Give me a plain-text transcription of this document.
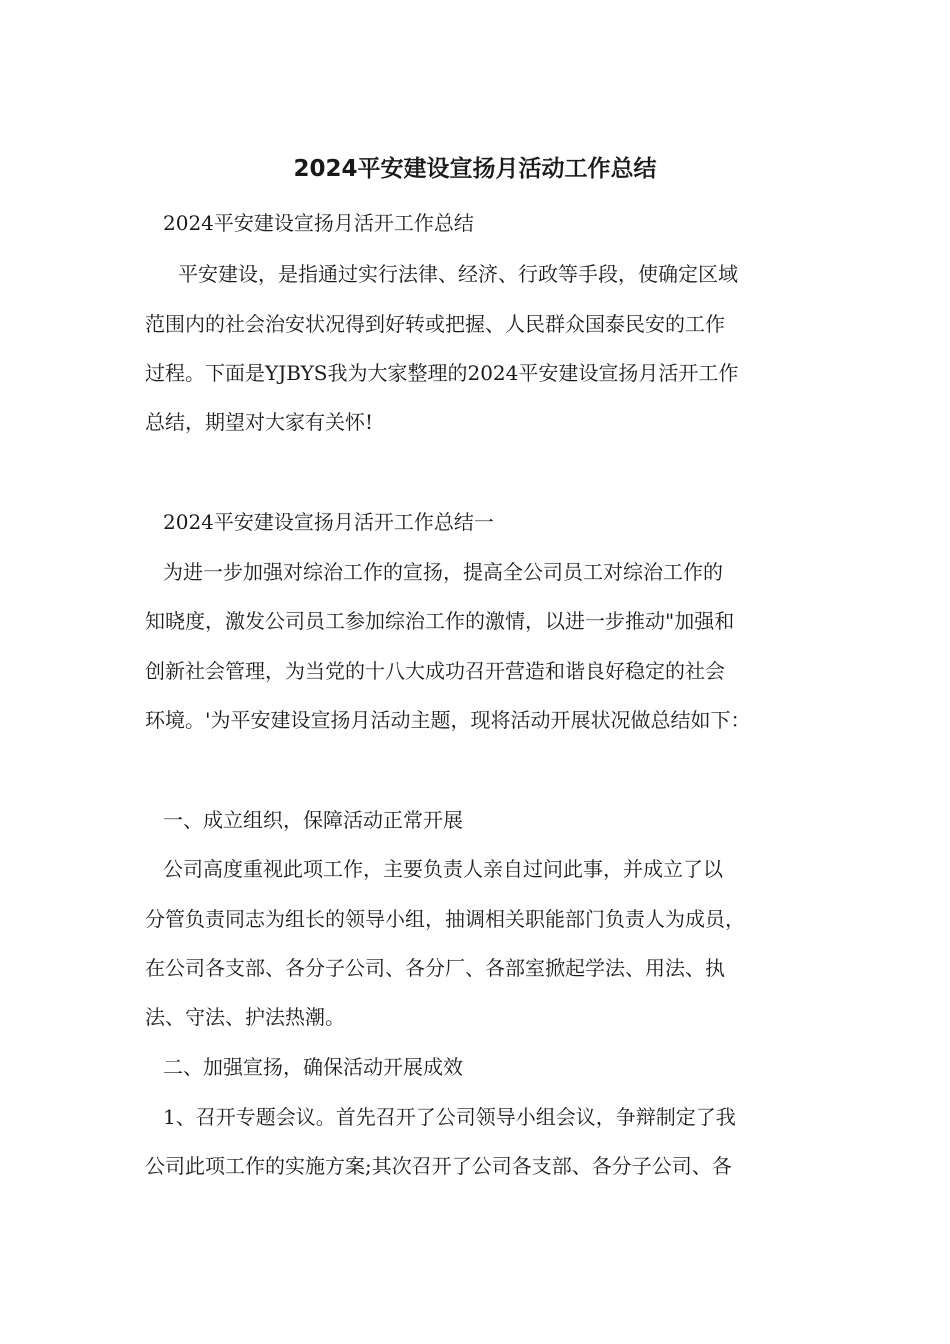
2024平安建设宣扬月活动工作总结
2024平安建设宣扬月活开工作总结
平安建设，是指通过实行法律、经济、行政等手段，使确定区域
范围内的社会治安状况得到好转或把握、人民群众国泰民安的工作
过程。下面是YJBYS我为大家整理的2024平安建设宣扬月活开工作
总结，期望对大家有关怀!
2024平安建设宣扬月活开工作总结一
为进一步加强对综治工作的宣扬，提高全公司员工对综治工作的
知晓度，激发公司员工参加综治工作的激情，以进一步推动"加强和
创新社会管理，为当党的十八大成功召开营造和谐良好稳定的社会
环境。'为平安建设宣扬月活动主题，现将活动开展状况做总结如下：
一、成立组织，保障活动正常开展
公司高度重视此项工作，主要负责人亲自过问此事，并成立了以
分管负责同志为组长的领导小组，抽调相关职能部门负责人为成员，
在公司各支部、各分子公司、各分厂、各部室掀起学法、用法、执
法、守法、护法热潮。
二、加强宣扬，确保活动开展成效
1、召开专题会议。首先召开了公司领导小组会议，争辩制定了我
公司此项工作的实施方案;其次召开了公司各支部、各分子公司、各
